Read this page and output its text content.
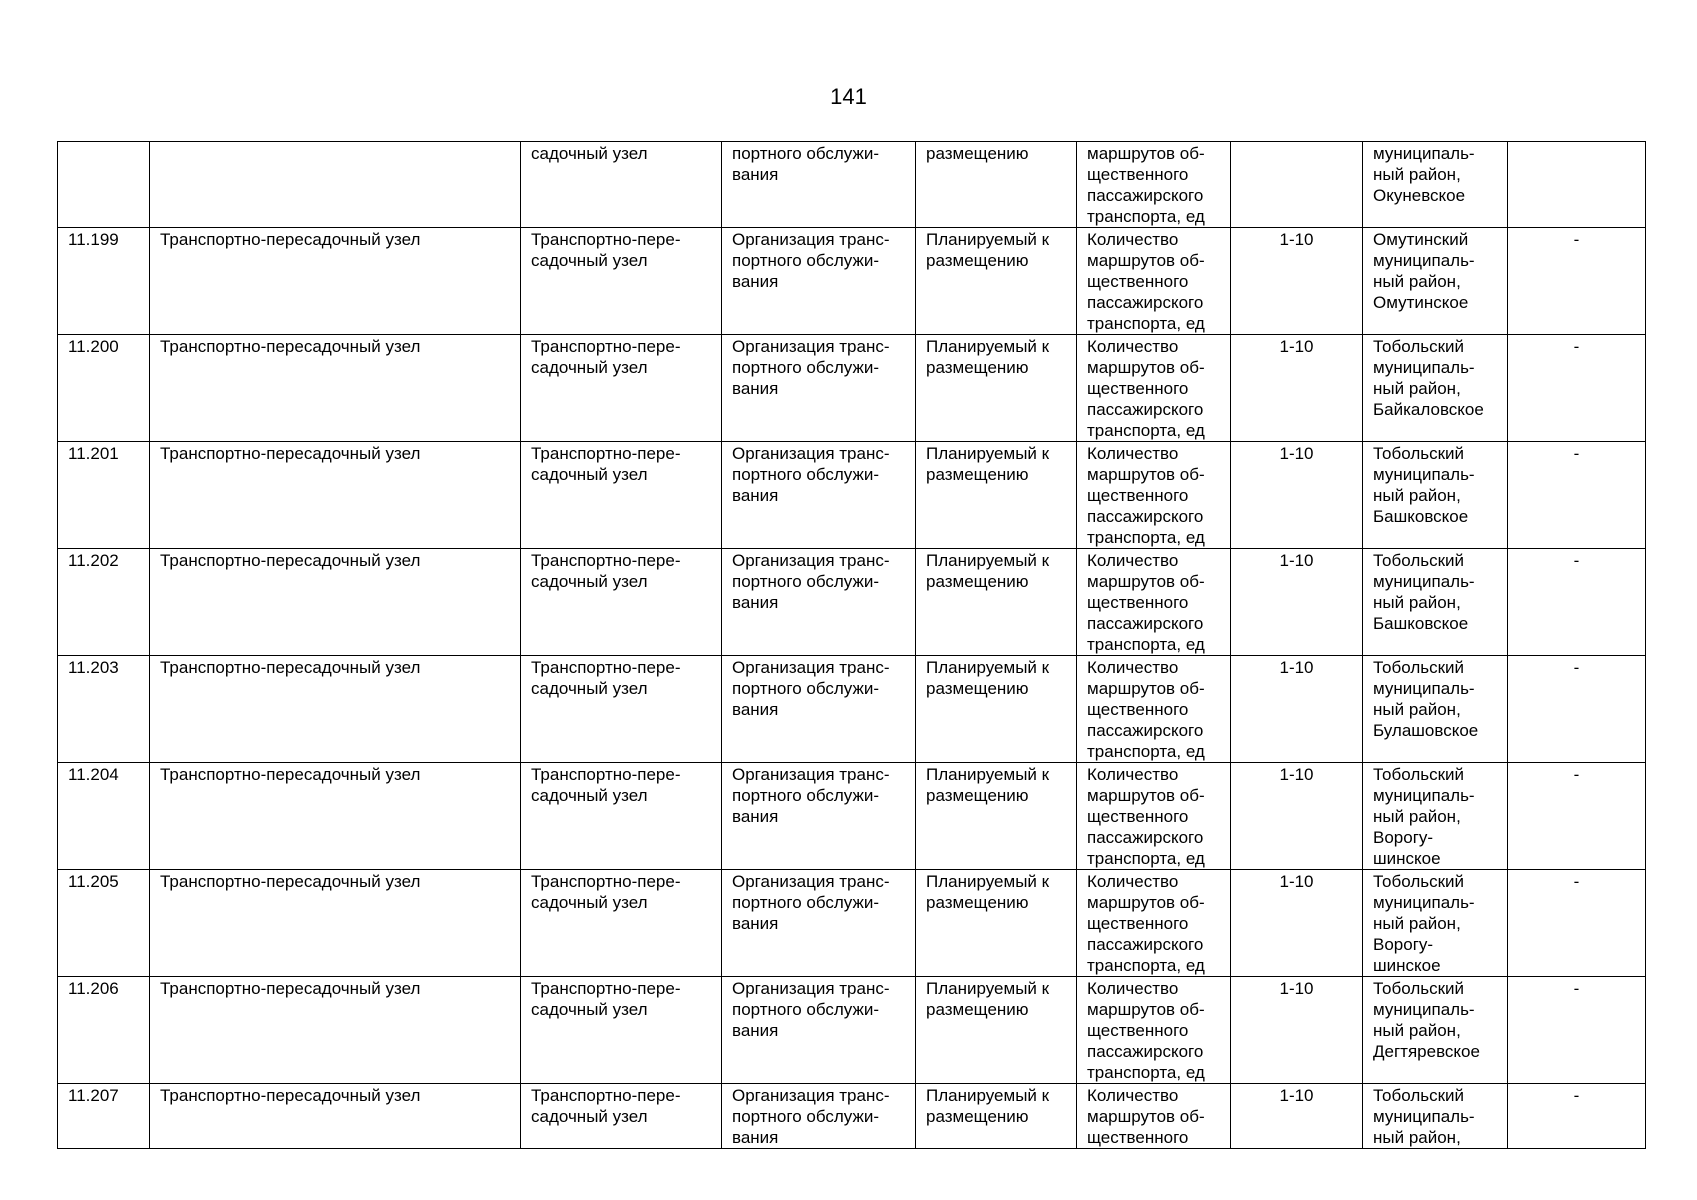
141
		садочный узел	портного обслужи-
вания	размещению	маршрутов об-
щественного
пассажирского
транспорта, ед		муниципаль-
ный район,
Окуневское	
11.199	Транспортно-пересадочный узел	Транспортно-пере-
садочный узел	Организация транс-
портного обслужи-
вания	Планируемый к
размещению	Количество
маршрутов об-
щественного
пассажирского
транспорта, ед	1-10	Омутинский
муниципаль-
ный район,
Омутинское	-
11.200	Транспортно-пересадочный узел	Транспортно-пере-
садочный узел	Организация транс-
портного обслужи-
вания	Планируемый к
размещению	Количество
маршрутов об-
щественного
пассажирского
транспорта, ед	1-10	Тобольский
муниципаль-
ный район,
Байкаловское	-
11.201	Транспортно-пересадочный узел	Транспортно-пере-
садочный узел	Организация транс-
портного обслужи-
вания	Планируемый к
размещению	Количество
маршрутов об-
щественного
пассажирского
транспорта, ед	1-10	Тобольский
муниципаль-
ный район,
Башковское	-
11.202	Транспортно-пересадочный узел	Транспортно-пере-
садочный узел	Организация транс-
портного обслужи-
вания	Планируемый к
размещению	Количество
маршрутов об-
щественного
пассажирского
транспорта, ед	1-10	Тобольский
муниципаль-
ный район,
Башковское	-
11.203	Транспортно-пересадочный узел	Транспортно-пере-
садочный узел	Организация транс-
портного обслужи-
вания	Планируемый к
размещению	Количество
маршрутов об-
щественного
пассажирского
транспорта, ед	1-10	Тобольский
муниципаль-
ный район,
Булашовское	-
11.204	Транспортно-пересадочный узел	Транспортно-пере-
садочный узел	Организация транс-
портного обслужи-
вания	Планируемый к
размещению	Количество
маршрутов об-
щественного
пассажирского
транспорта, ед	1-10	Тобольский
муниципаль-
ный район,
Ворогу-
шинское	-
11.205	Транспортно-пересадочный узел	Транспортно-пере-
садочный узел	Организация транс-
портного обслужи-
вания	Планируемый к
размещению	Количество
маршрутов об-
щественного
пассажирского
транспорта, ед	1-10	Тобольский
муниципаль-
ный район,
Ворогу-
шинское	-
11.206	Транспортно-пересадочный узел	Транспортно-пере-
садочный узел	Организация транс-
портного обслужи-
вания	Планируемый к
размещению	Количество
маршрутов об-
щественного
пассажирского
транспорта, ед	1-10	Тобольский
муниципаль-
ный район,
Дегтяревское	-
11.207	Транспортно-пересадочный узел	Транспортно-пере-
садочный узел	Организация транс-
портного обслужи-
вания	Планируемый к
размещению	Количество
маршрутов об-
щественного	1-10	Тобольский
муниципаль-
ный район,	-
